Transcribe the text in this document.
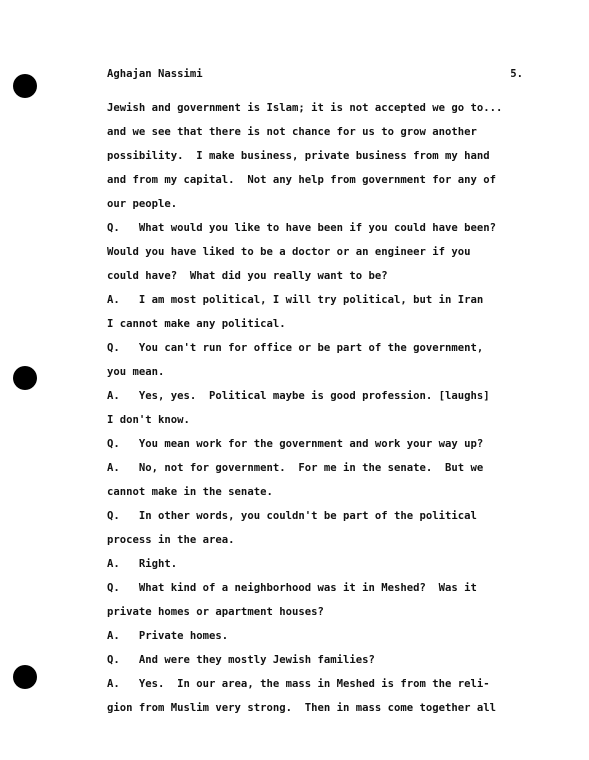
Aghajan Nassimi	5.
Jewish and government is Islam; it is not accepted we go to...
and we see that there is not chance for us to grow another
possibility.  I make business, private business from my hand
and from my capital.  Not any help from government for any of
our people.
Q.   What would you like to have been if you could have been?
Would you have liked to be a doctor or an engineer if you
could have?  What did you really want to be?
A.   I am most political, I will try political, but in Iran
I cannot make any political.
Q.   You can't run for office or be part of the government,
you mean.
A.   Yes, yes.  Political maybe is good profession. [laughs]
I don't know.
Q.   You mean work for the government and work your way up?
A.   No, not for government.  For me in the senate.  But we
cannot make in the senate.
Q.   In other words, you couldn't be part of the political
process in the area.
A.   Right.
Q.   What kind of a neighborhood was it in Meshed?  Was it
private homes or apartment houses?
A.   Private homes.
Q.   And were they mostly Jewish families?
A.   Yes.  In our area, the mass in Meshed is from the reli-
gion from Muslim very strong.  Then in mass come together all
